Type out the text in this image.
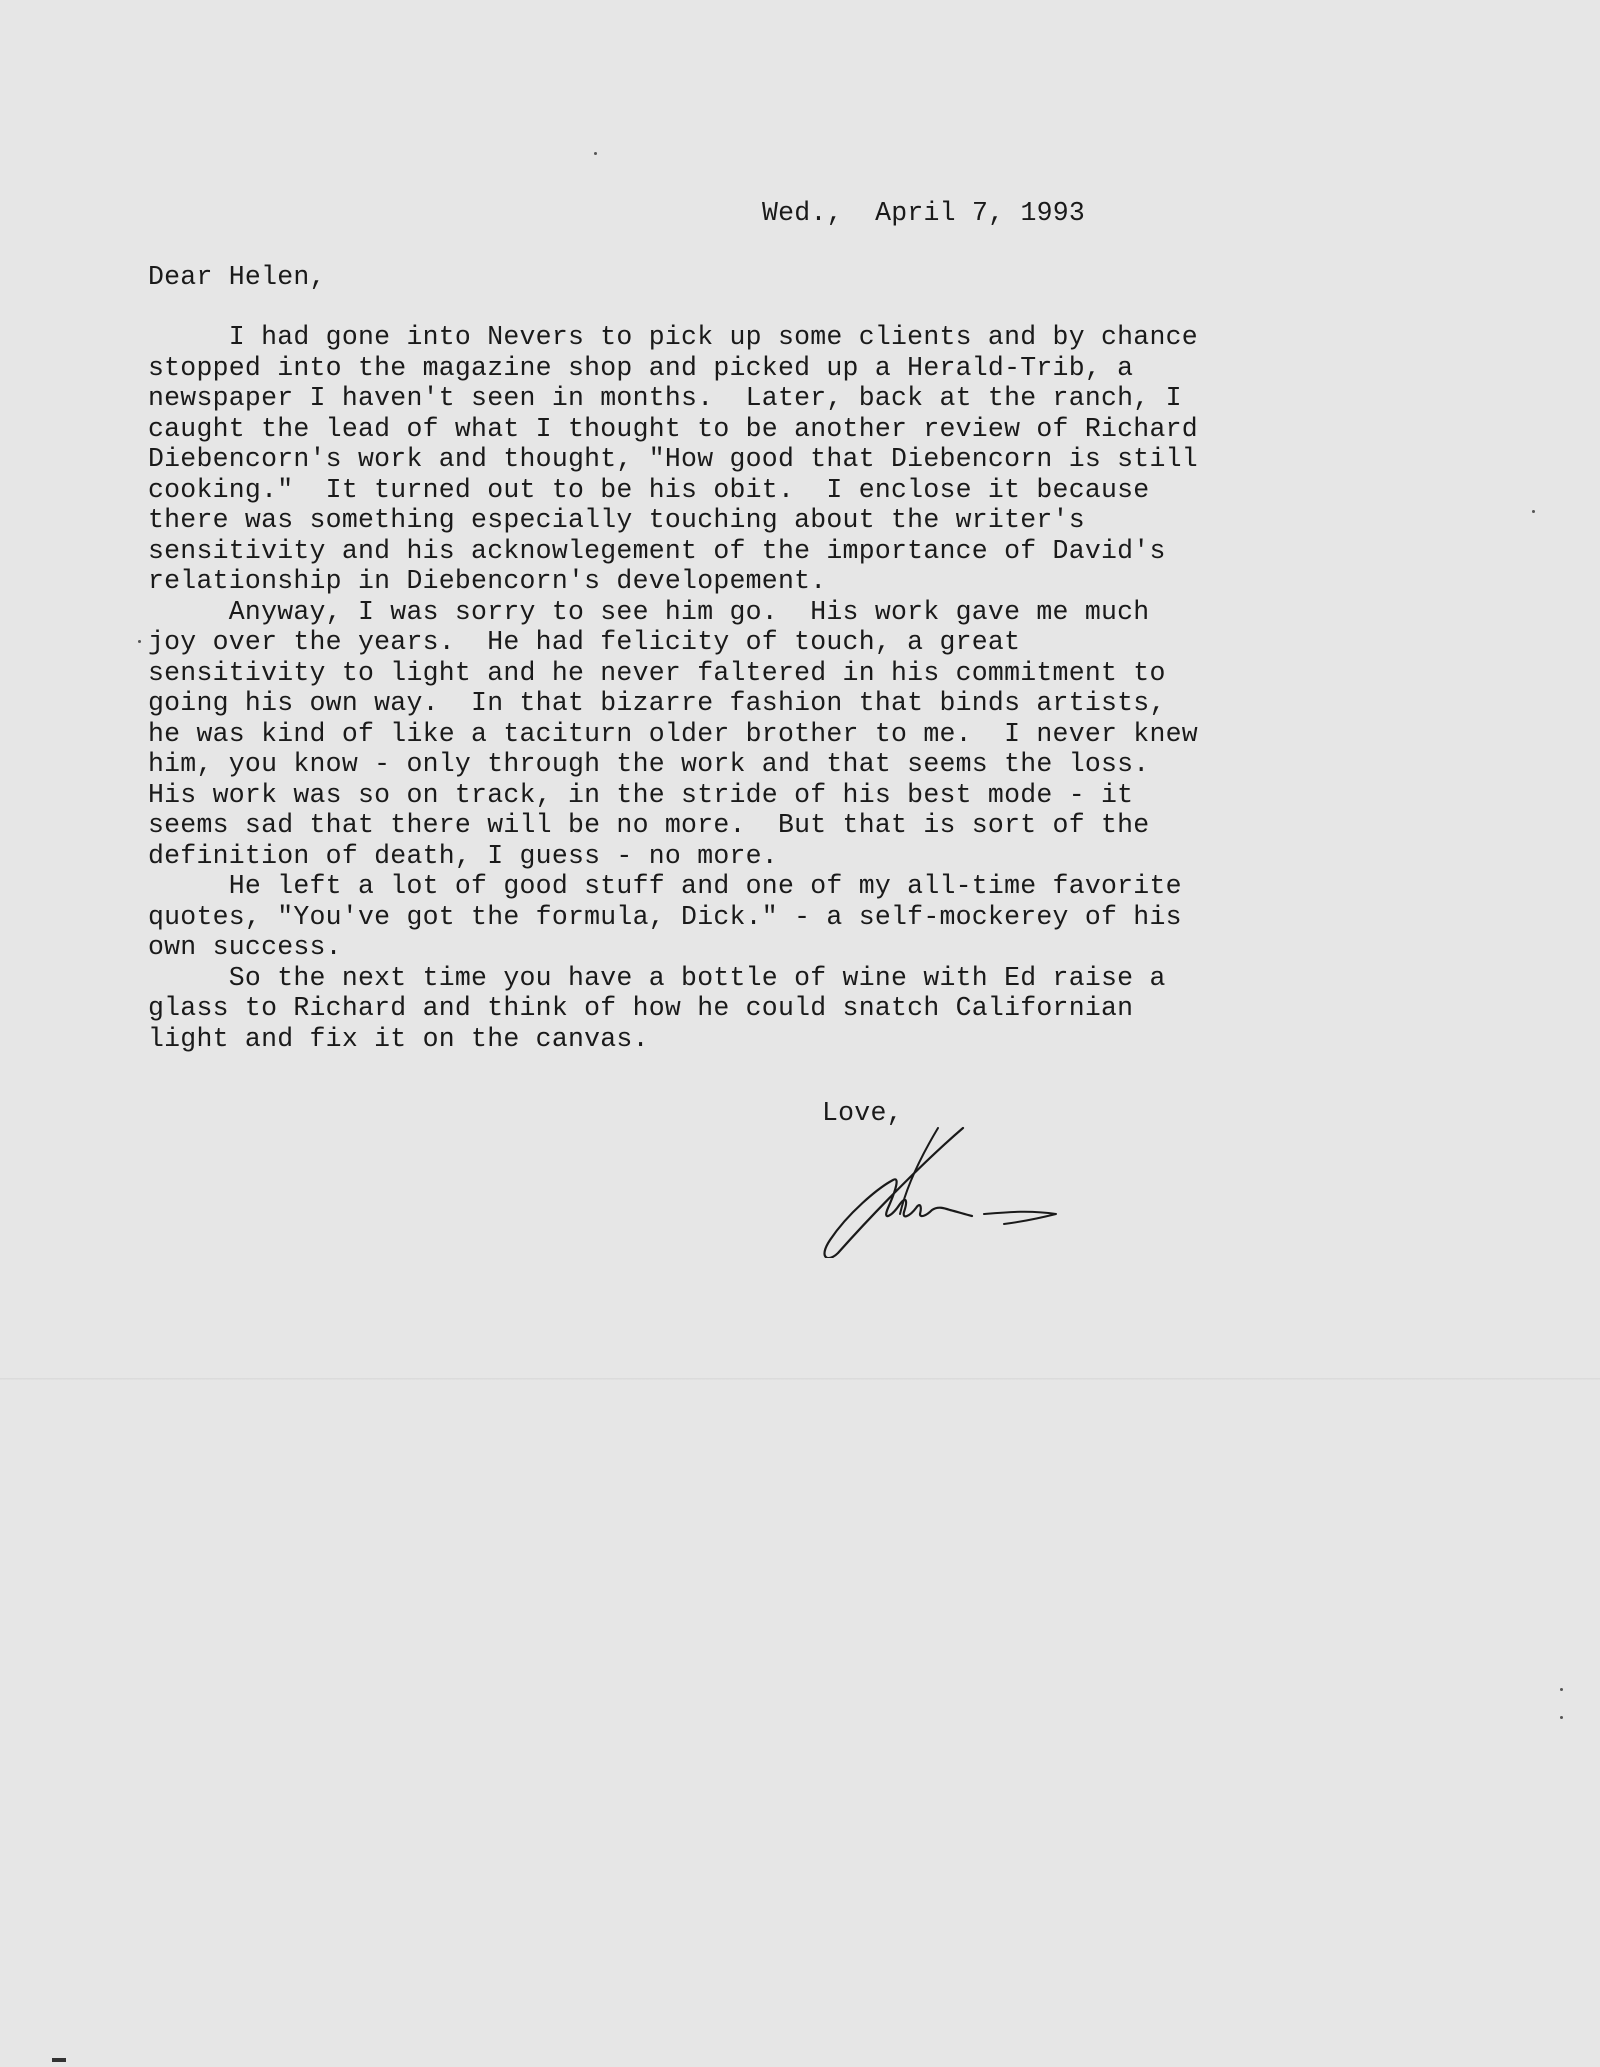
Wed.,  April 7, 1993

Dear Helen,

I had gone into Nevers to pick up some clients and by chance
stopped into the magazine shop and picked up a Herald-Trib, a
newspaper I haven't seen in months.  Later, back at the ranch, I
caught the lead of what I thought to be another review of Richard
Diebencorn's work and thought, "How good that Diebencorn is still
cooking."  It turned out to be his obit.  I enclose it because
there was something especially touching about the writer's
sensitivity and his acknowlegement of the importance of David's
relationship in Diebencorn's developement.
Anyway, I was sorry to see him go.  His work gave me much
joy over the years.  He had felicity of touch, a great
sensitivity to light and he never faltered in his commitment to
going his own way.  In that bizarre fashion that binds artists,
he was kind of like a taciturn older brother to me.  I never knew
him, you know - only through the work and that seems the loss.
His work was so on track, in the stride of his best mode - it
seems sad that there will be no more.  But that is sort of the
definition of death, I guess - no more.
He left a lot of good stuff and one of my all-time favorite
quotes, "You've got the formula, Dick." - a self-mockerey of his
own success.
So the next time you have a bottle of wine with Ed raise a
glass to Richard and think of how he could snatch Californian
light and fix it on the canvas.

Love,
